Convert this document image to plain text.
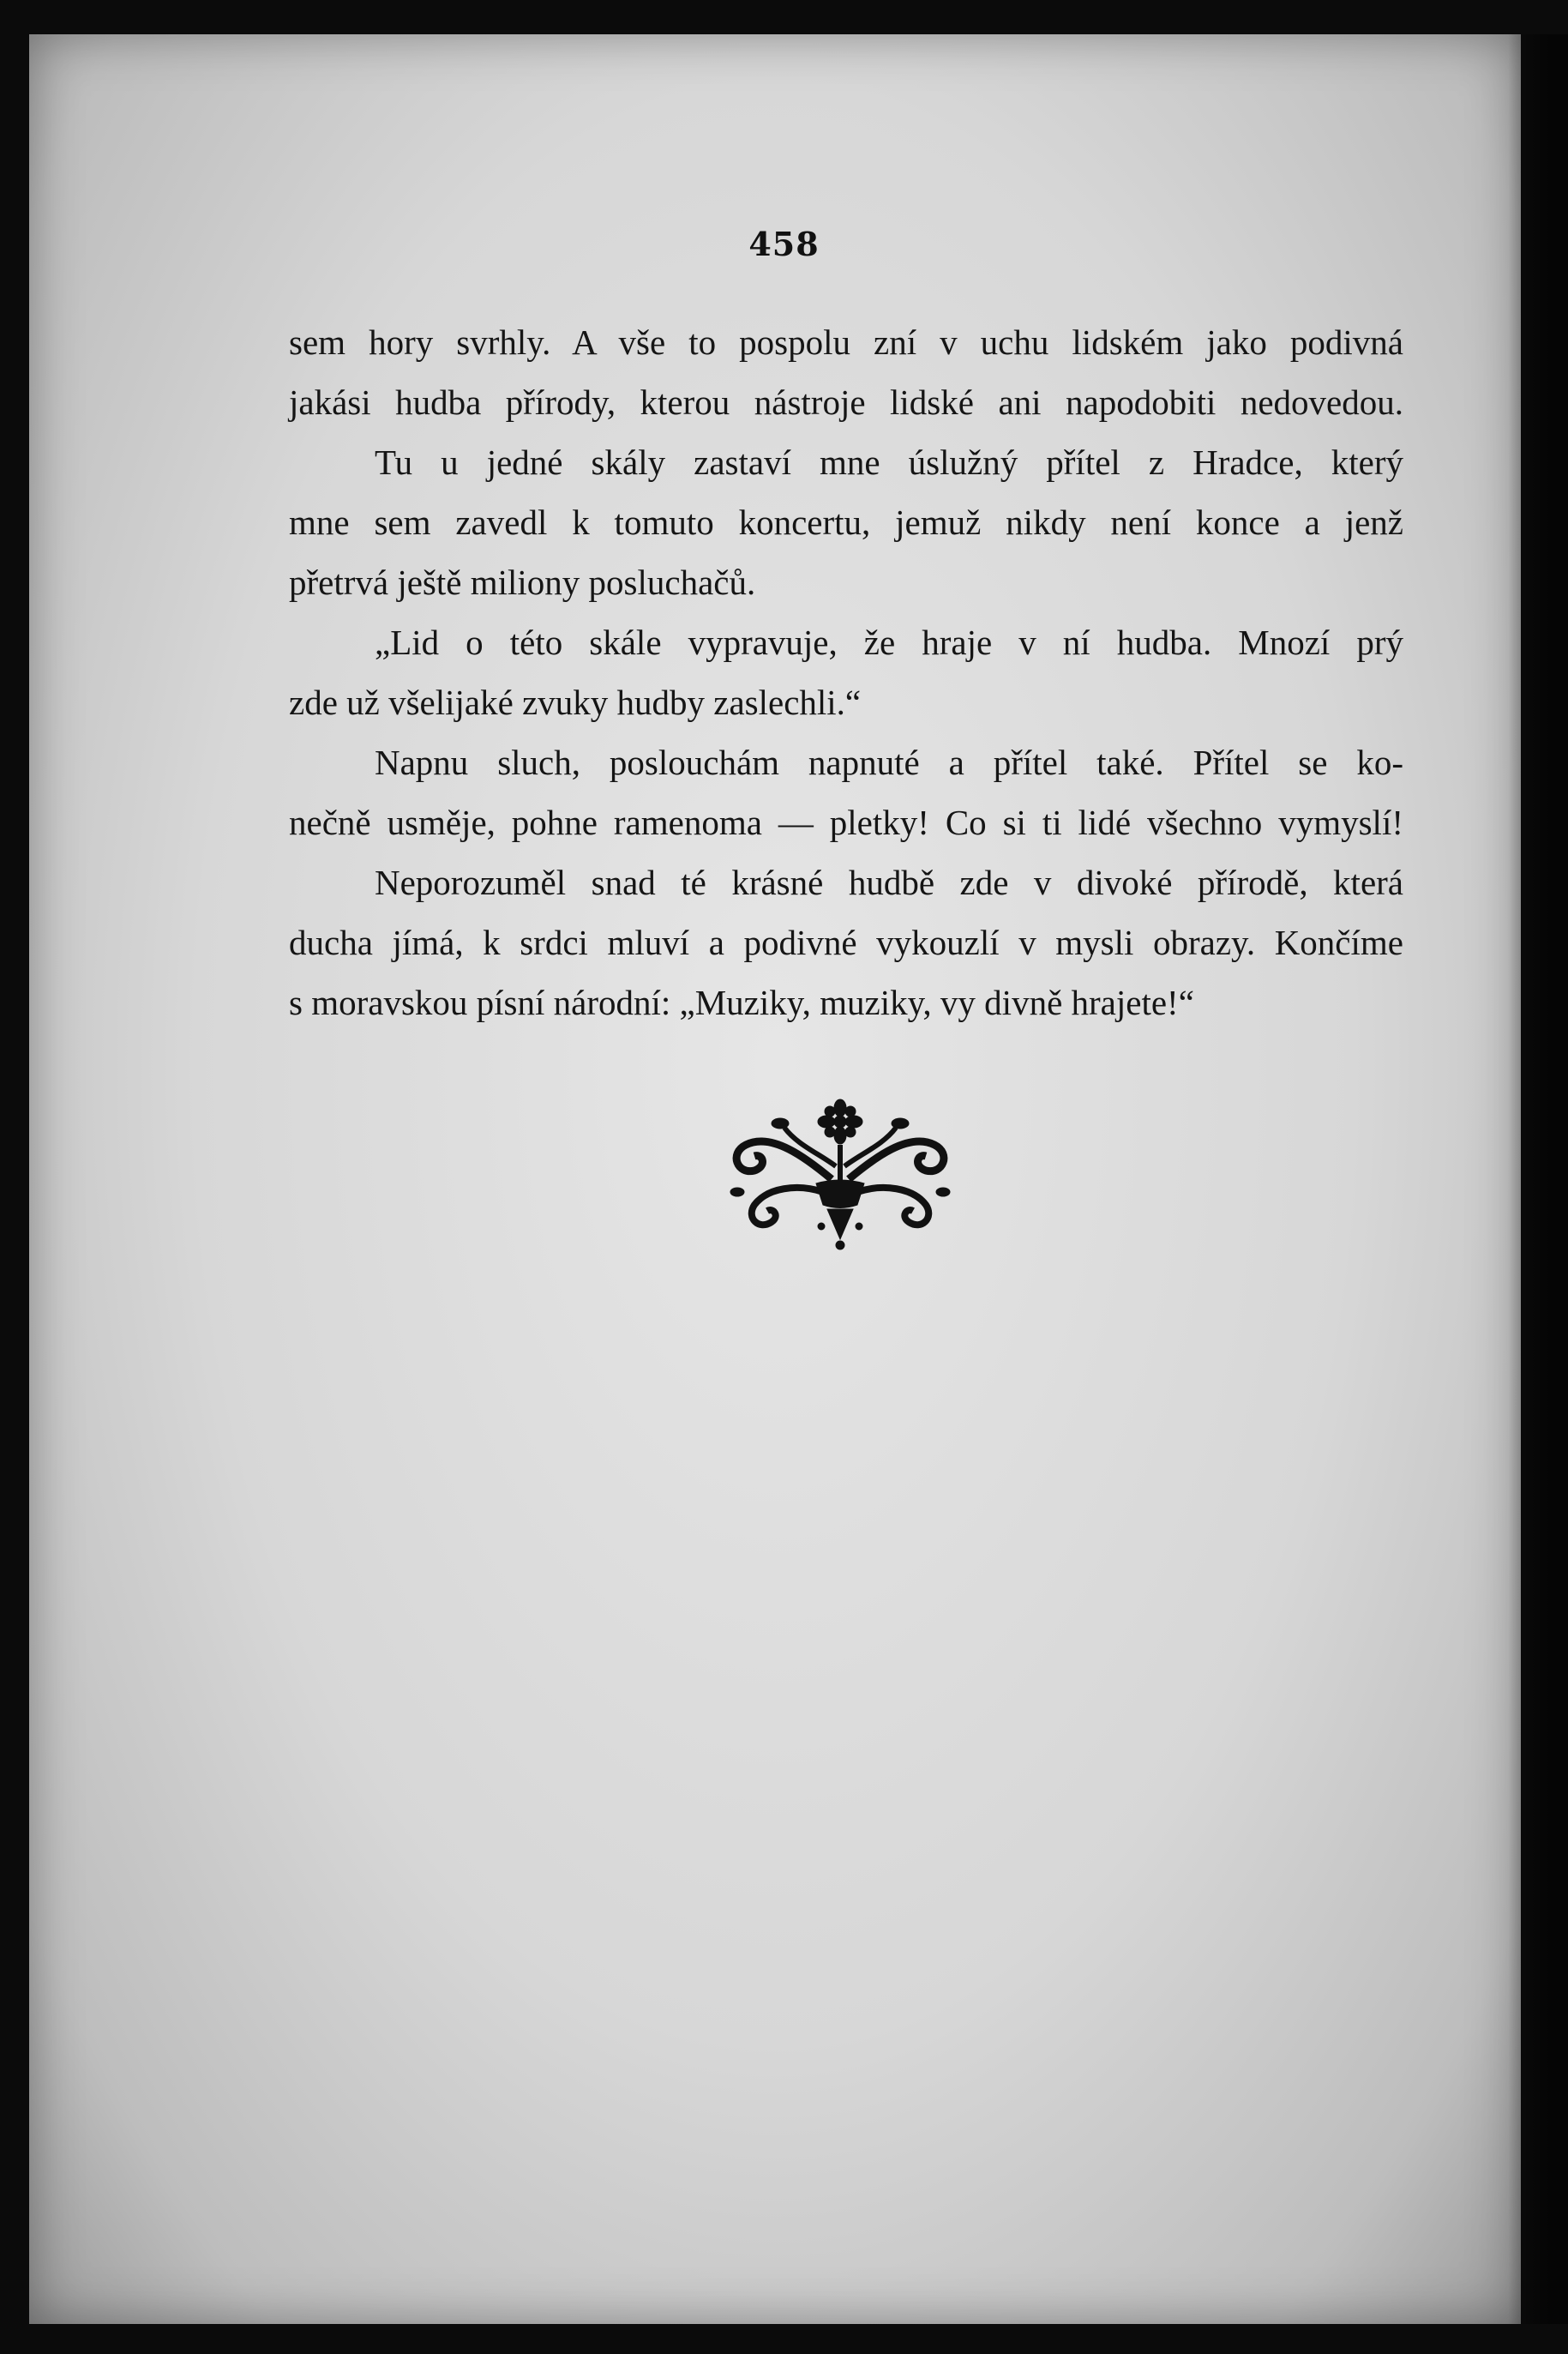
458
sem hory svrhly. A vše to pospolu zní v uchu lidském jako podivná
jakási hudba přírody, kterou nástroje lidské ani napodobiti nedovedou.
Tu u jedné skály zastaví mne úslužný přítel z Hradce, který
mne sem zavedl k tomuto koncertu, jemuž nikdy není konce a jenž
přetrvá ještě miliony posluchačů.
„Lid o této skále vypravuje, že hraje v ní hudba. Mnozí prý
zde už všelijaké zvuky hudby zaslechli.“
Napnu sluch, poslouchám napnuté a přítel také. Přítel se ko-
nečně usměje, pohne ramenoma — pletky! Co si ti lidé všechno vymyslí!
Neporozuměl snad té krásné hudbě zde v divoké přírodě, která
ducha jímá, k srdci mluví a podivné vykouzlí v mysli obrazy. Končíme
s moravskou písní národní: „Muziky, muziky, vy divně hrajete!“
